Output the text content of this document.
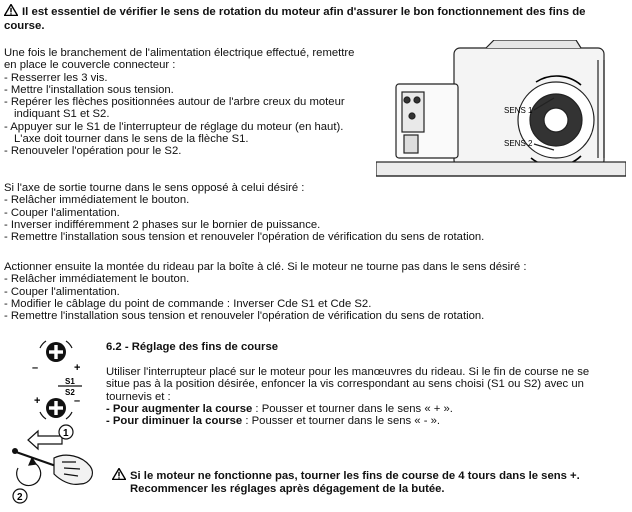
Il est essentiel de vérifier le sens de rotation du moteur afin d'assurer le bon fonctionnement des fins de course.
Une fois le branchement de l'alimentation électrique effectué, remettre
en place le couvercle connecteur :
- Resserrer les 3 vis.
- Mettre l'installation sous tension.
- Repérer les flèches positionnées autour de l'arbre creux du moteur
indiquant S1 et S2.
- Appuyer sur le S1 de l'interrupteur de réglage du moteur (en haut).
L'axe doit tourner dans le sens de la flèche S1.
- Renouveler l'opération pour le S2.
SENS 1
SENS 2
Si l'axe de sortie tourne dans le sens opposé à celui désiré :
- Relâcher immédiatement le bouton.
- Couper l'alimentation.
- Inverser indifféremment 2 phases sur le bornier de puissance.
- Remettre l'installation sous tension et renouveler l'opération de vérification du sens de rotation.
Actionner ensuite la montée du rideau par la boîte à clé. Si le moteur ne tourne pas dans le sens désiré :
- Relâcher immédiatement le bouton.
- Couper l'alimentation.
- Modifier le câblage du point de commande : Inverser Cde S1 et Cde S2.
- Remettre l'installation sous tension et renouveler l'opération de vérification du sens de rotation.
–	+
S1
S2
+	–
6.2 - Réglage des fins de course
Utiliser l'interrupteur placé sur le moteur pour les manœuvres du rideau. Si le fin de course ne se
situe pas à la position désirée, enfoncer la vis correspondant au sens choisi (S1 ou S2) avec un
tournevis et :
- Pour augmenter la course : Pousser et tourner dans le sens « + ».
- Pour diminuer la course : Pousser et tourner dans le sens « - ».
1
2
Si le moteur ne fonctionne pas, tourner les fins de course de 4 tours dans le sens +.
Recommencer les réglages après dégagement de la butée.
